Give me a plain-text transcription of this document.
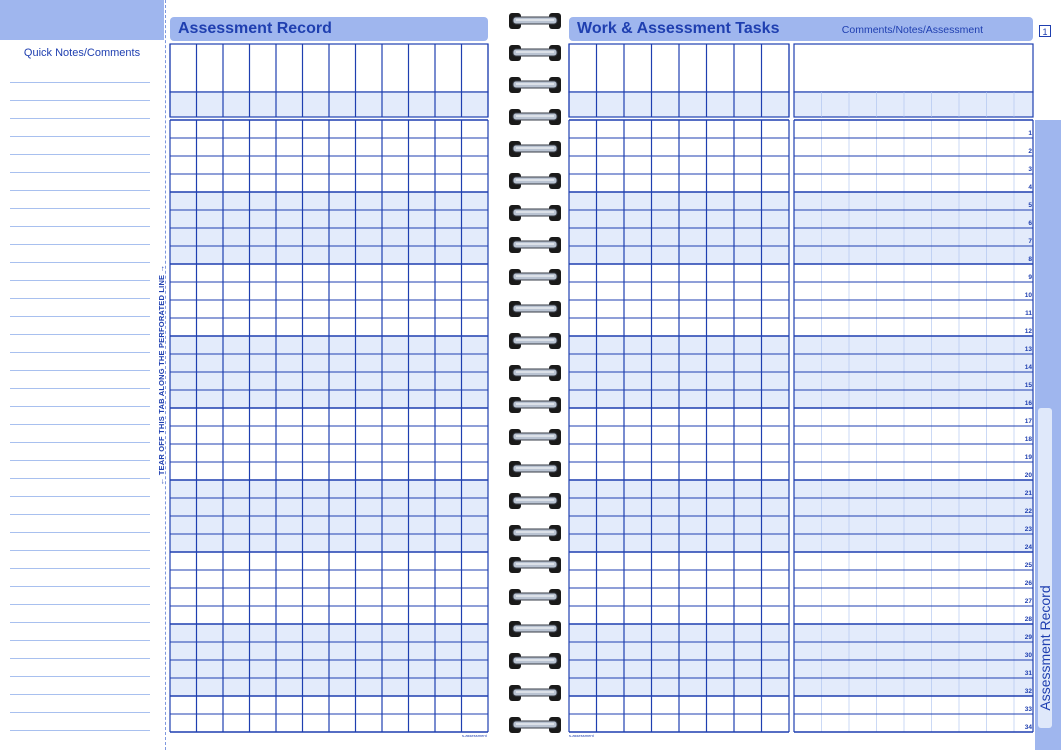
Quick Notes/Comments
← TEAR OFF THIS TAB ALONG THE PERFORATED LINE →
Assessment Record	Work & Assessment Tasks	Comments/Notes/Assessment	1
Assessment Record
1
2
3
4
5
6
7
8
9
10
11
12
13
14
15
16
17
18
19
20
21
22
23
24
25
26
27
28
29
30
31
32
33
34
s-assessment	s-assessment
